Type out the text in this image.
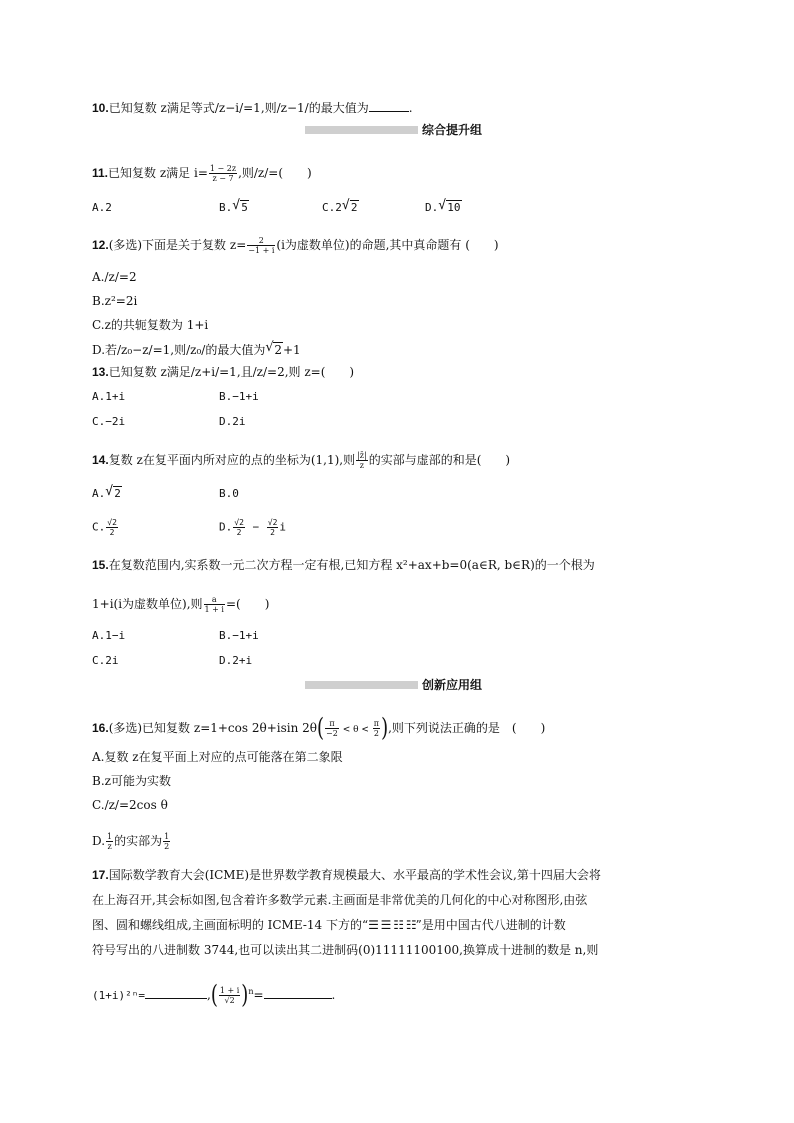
10.已知复数 z满足等式/z−i/=1,则/z−1/的最大值为	.
综合提升组
11.已知复数 z满足 $i= \frac{1 - 2z}{z - 7}$ ,则/z/=(　　)
A.2	B. √ 5	C.2 √ 2	D. √ 10
12.(多选)下面是关于复数 $z= \frac{2}{-1 + i} (i$为虚数单位)的命题,其中真命题有 (　　)
A./z/=2
B.z²=2i
C.z的共轭复数为 1+i
D.若/z₀−z/=1,则/z₀/的最大值为 √ 2+1
13.已知复数 z满足/z+i/=1,且/z/=2,则 z=(　　)
A.1+i	B.−1+i
C.−2i	D.2i
14.复数 z在复平面内所对应的点的坐标为(1,1),则 $\frac{|z̄|}{z}$ 的实部与虚部的和是(　　)
A. √ 2	B.0
C. $\frac{√2}{2}$	D. $\frac{√2}{2} - \frac{√2}{2}$ i
15.在复数范围内,实系数一元二次方程一定有根,已知方程 x²+ax+b=0(a∈R, b∈R)的一个根为
1+i(i为虚数单位),则 $\frac{a}{1 + i}$ =(　　)
A.1−i	B.−1+i
C.2i	D.2+i
创新应用组
16.(多选)已知复数 z=1+cos 2θ+isin $2\theta( \frac{\pi}{-2} < \theta < \frac{\pi}{2}$ ),则下列说法正确的是　(　　)
A.复数 z在复平面上对应的点可能落在第二象限
B.z可能为实数
C./z/=2cos θ
D. $\frac{1}{z}$ 的实部为 $\frac{1}{2}$
17.国际数学教育大会(ICME)是世界数学教育规模最大、水平最高的学术性会议,第十四届大会将
在上海召开,其会标如图,包含着许多数学元素.主画面是非常优美的几何化的中心对称图形,由弦
图、圆和螺线组成,主画面标明的 ICME-14 下方的“☰ ☰ ☷ ☷”是用中国古代八进制的计数
符号写出的八进制数 3744,也可以读出其二进制码(0)11111100100,换算成十进制的数是 n,则
(1+i)²ⁿ=	,( $\frac{1 + i}{√2} )^n=$	.
